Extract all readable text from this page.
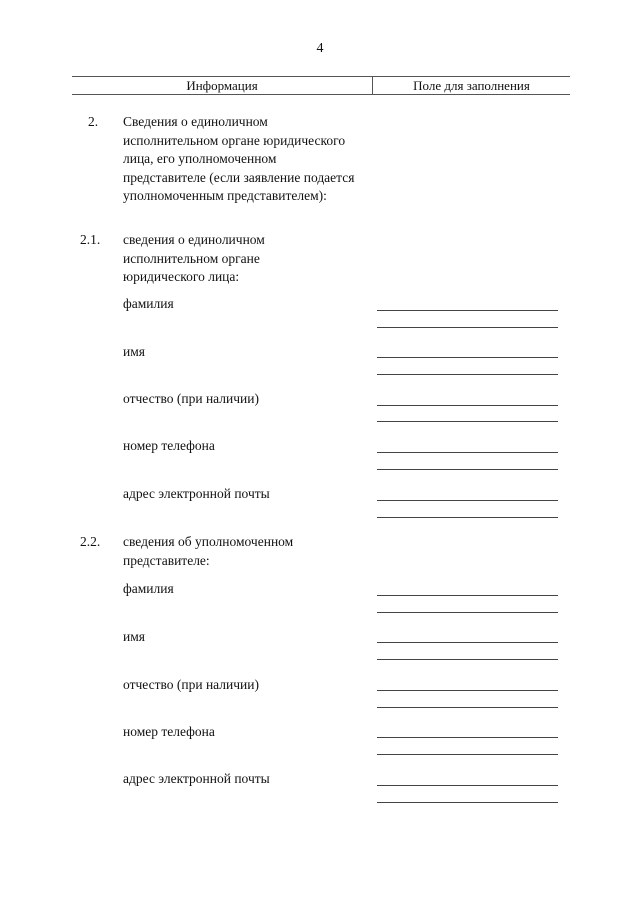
4
Информация	Поле для заполнения
2.	Сведения о единоличном исполнительном органе юридического лица, его уполномоченном представителе (если заявление подается уполномоченным представителем):
2.1.	сведения о единоличном исполнительном органе юридического лица:
фамилия
имя
отчество (при наличии)
номер телефона
адрес электронной почты
2.2.	сведения об уполномоченном представителе:
фамилия
имя
отчество (при наличии)
номер телефона
адрес электронной почты
